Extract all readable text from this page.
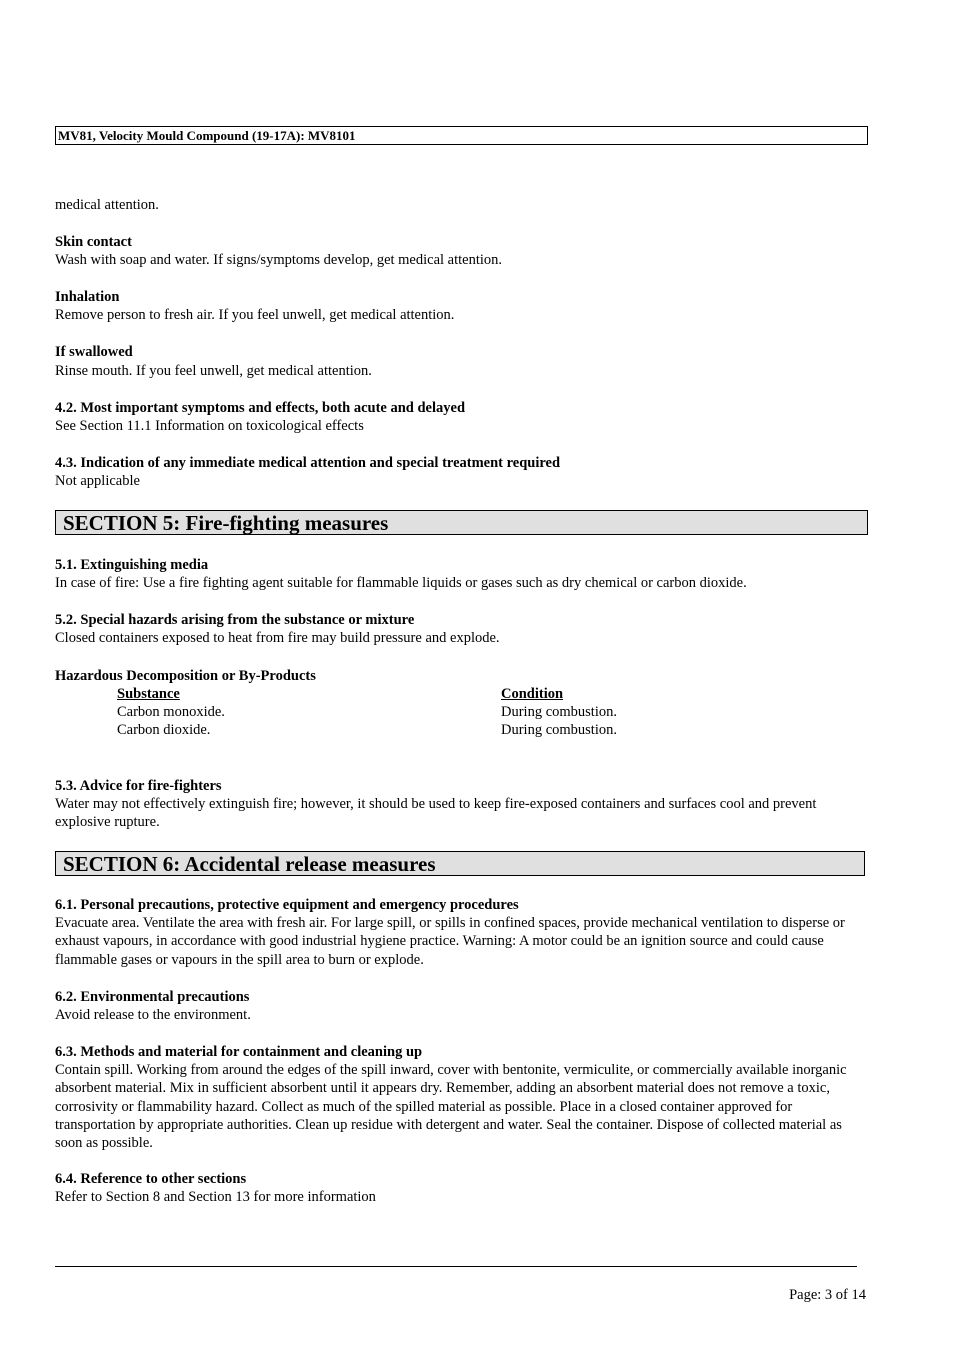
MV81, Velocity Mould Compound (19-17A): MV8101
medical attention.
Skin contact
Wash with soap and water. If signs/symptoms develop, get medical attention.
Inhalation
Remove person to fresh air. If you feel unwell, get medical attention.
If swallowed
Rinse mouth. If you feel unwell, get medical attention.
4.2. Most important symptoms and effects, both acute and delayed
See Section 11.1 Information on toxicological effects
4.3. Indication of any immediate medical attention and special treatment required
Not applicable
SECTION 5: Fire-fighting measures
5.1. Extinguishing media
In case of fire: Use a fire fighting agent suitable for flammable liquids or gases such as dry chemical or carbon dioxide.
5.2. Special hazards arising from the substance or mixture
Closed containers exposed to heat from fire may build pressure and explode.
Hazardous Decomposition or By-Products
Substance	Condition
Carbon monoxide.	During combustion.
Carbon dioxide.	During combustion.
5.3. Advice for fire-fighters
Water may not effectively extinguish fire; however, it should be used to keep fire-exposed containers and surfaces cool and prevent explosive rupture.
SECTION 6: Accidental release measures
6.1. Personal precautions, protective equipment and emergency procedures
Evacuate area. Ventilate the area with fresh air. For large spill, or spills in confined spaces, provide mechanical ventilation to disperse or exhaust vapours, in accordance with good industrial hygiene practice. Warning: A motor could be an ignition source and could cause flammable gases or vapours in the spill area to burn or explode.
6.2. Environmental precautions
Avoid release to the environment.
6.3. Methods and material for containment and cleaning up
Contain spill. Working from around the edges of the spill inward, cover with bentonite, vermiculite, or commercially available inorganic absorbent material. Mix in sufficient absorbent until it appears dry. Remember, adding an absorbent material does not remove a toxic, corrosivity or flammability hazard. Collect as much of the spilled material as possible. Place in a closed container approved for transportation by appropriate authorities. Clean up residue with detergent and water. Seal the container. Dispose of collected material as soon as possible.
6.4. Reference to other sections
Refer to Section 8 and Section 13 for more information
Page: 3 of 14
